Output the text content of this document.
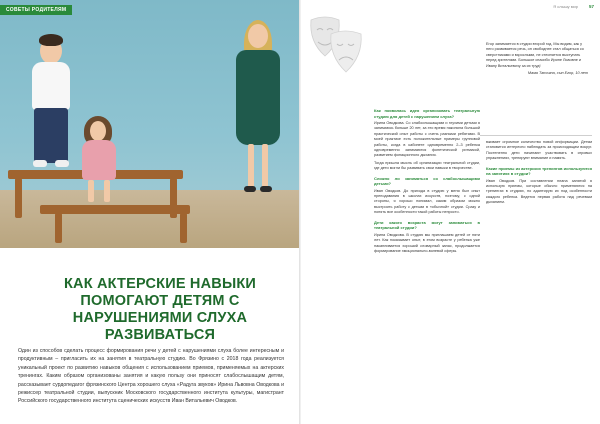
СОВЕТЫ РОДИТЕЛЯМ
КАК АКТЕРСКИЕ НАВЫКИ ПОМОГАЮТ ДЕТЯМ С НАРУШЕНИЯМИ СЛУХА РАЗВИВАТЬСЯ
Один из способов сделать процесс формирования речи у детей с нарушениями слуха более интересным и продуктивным – пригласить их на занятия в театральную студию. Во Фрязино с 2018 года реализуется уникальный проект по развитию навыков общения с использованием приемов, применяемых на актерских тренингах. Каким образом организованы занятия и какую пользу они приносят слабослышащим детям, рассказывает сурдопедагог фрязинского Центра хорошего слуха «Радуга звуков» Ирина Львовна Оводкова и режиссер театральной студии, выпускник Московского государственного института культуры, магистрант Российского государственного института сценических искусств Иван Витальевич Оводков.
Я слышу мир 57
Как появилась идея организовать театральную студию для детей с нарушением слуха?

Ирина Оводкова. Со слабослышащими и глухими детьми я занимаюсь больше 20 лет, за это время накопила большой практический опыт работы с очень разными ребятами. В моей практике есть положительные примеры групповой работы, когда в кабинете одновременно 2–3 ребенка одновременно занимаются фонетической ритмикой, развитием фонационного дыхания.

Тогда пришла мысль об организации театральной студии, где дети могли бы развивать свои навыки в творчестве.

Сложно ли заниматься со слабослышащими детьми?

Иван Оводков. До прихода в студию у меня был опыт преподавания в школах искусств, поэтому, с одной стороны, я хорошо понимал, каким образом можно выстроить работу с детьми в «обычной» студии. Сразу и понять все особенности такой работы непросто.

Дети какого возраста могут заниматься в театральной студии?

Ирина Оводкова. В студию мы приглашаем детей от пяти лет. Как показывает опыт, в этом возрасте у ребенка уже накапливается хороший словарный запас, продолжается формирование эмоционально-волевой сферы.

Егор занимается в студии второй год. Мы видим, как у него развивается речь, он свободнее стал общаться со сверстниками и взрослыми, не стесняется выступать перед зрителями. Большое спасибо Ирине Львовне и Ивану Витальевичу за их труд!

Мама Татьяна, сын Егор, 10 лет

вживает огромное количество новой информации. Детям становится интересно наблюдать за происходящим вокруг. Постепенно дети начинают участвовать в игровых упражнениях, тренируют внимание и память.

Какие приемы из актерских тренингов используются на занятиях в студии?

Иван Оводков. При составлении плана занятий я использую приемы, которые обычно применяются на тренингах в студиях, но адаптирую их под особенности каждого ребенка. Ведется первая работа над речевым дыханием.
